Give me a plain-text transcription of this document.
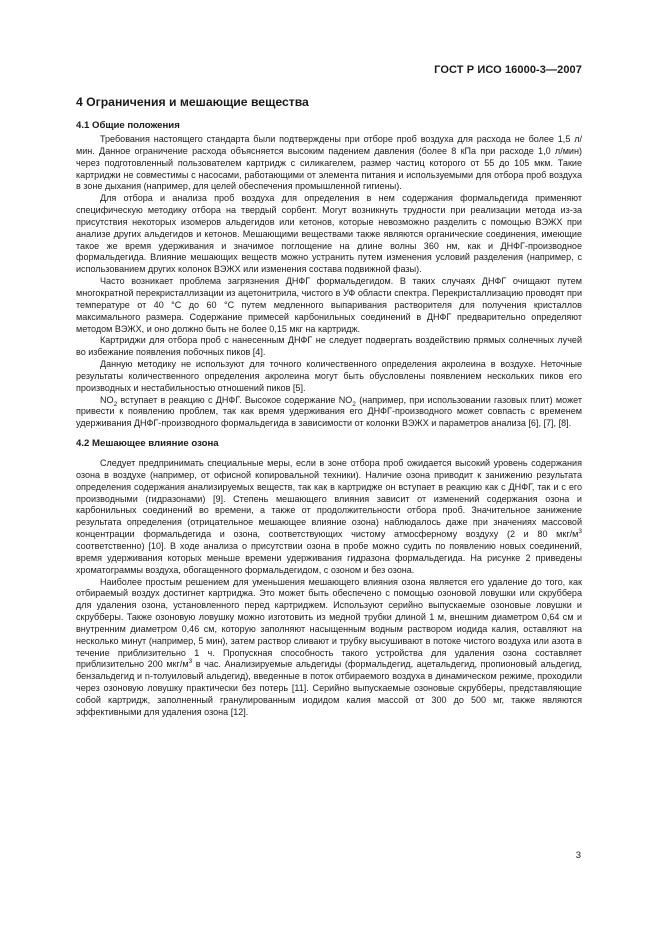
ГОСТ Р ИСО 16000-3—2007
4 Ограничения и мешающие вещества
4.1 Общие положения

Требования настоящего стандарта были подтверждены при отборе проб воздуха для расхода не более 1,5 л/мин. Данное ограничение расхода объясняется высоким падением давления (более 8 кПа при расходе 1,0 л/мин) через подготовленный пользователем картридж с силикагелем, размер частиц которого от 55 до 105 мкм. Такие картриджи не совместимы с насосами, работающими от элемента питания и используемыми для отбора проб воздуха в зоне дыхания (например, для целей обеспечения промышленной гигиены).

Для отбора и анализа проб воздуха для определения в нем содержания формальдегида применяют специфическую методику отбора на твердый сорбент. Могут возникнуть трудности при реализации метода из-за присутствия некоторых изомеров альдегидов или кетонов, которые невозможно разделить с помощью ВЭЖХ при анализе других альдегидов и кетонов. Мешающими веществами также являются органические соединения, имеющие такое же время удерживания и значимое поглощение на длине волны 360 нм, как и ДНФГ-производное формальдегида. Влияние мешающих веществ можно устранить путем изменения условий разделения (например, с использованием других колонок ВЭЖХ или изменения состава подвижной фазы).

Часто возникает проблема загрязнения ДНФГ формальдегидом. В таких случаях ДНФГ очищают путем многократной перекристаллизации из ацетонитрила, чистого в УФ области спектра. Перекристаллизацию проводят при температуре от 40 °С до 60 °С путем медленного выпаривания растворителя для получения кристаллов максимального размера. Содержание примесей карбонильных соединений в ДНФГ предварительно определяют методом ВЭЖХ, и оно должно быть не более 0,15 мкг на картридж.

Картриджи для отбора проб с нанесенным ДНФГ не следует подвергать воздействию прямых солнечных лучей во избежание появления побочных пиков [4].

Данную методику не используют для точного количественного определения акролеина в воздухе. Неточные результаты количественного определения акролеина могут быть обусловлены появлением нескольких пиков его производных и нестабильностью отношений пиков [5].

$NO_2$ вступает в реакцию с ДНФГ. Высокое содержание $NO_2$ (например, при использовании газовых плит) может привести к появлению проблем, так как время удерживания его ДНФГ-производного может совпасть с временем удерживания ДНФГ-производного формальдегида в зависимости от колонки ВЭЖХ и параметров анализа [6], [7], [8].

4.2 Мешающее влияние озона

Следует предпринимать специальные меры, если в зоне отбора проб ожидается высокий уровень содержания озона в воздухе (например, от офисной копировальной техники). Наличие озона приводит к занижению результата определения содержания анализируемых веществ, так как в картридже он вступает в реакцию как с ДНФГ, так и с его производными (гидразонами) [9]. Степень мешающего влияния зависит от изменений содержания озона и карбонильных соединений во времени, а также от продолжительности отбора проб. Значительное занижение результата определения (отрицательное мешающее влияние озона) наблюдалось даже при значениях массовой концентрации формальдегида и озона, соответствующих чистому атмосферному воздуху (2 и 80 мкг/$м^3$ соответственно) [10]. В ходе анализа о присутствии озона в пробе можно судить по появлению новых соединений, время удерживания которых меньше времени удерживания гидразона формальдегида. На рисунке 2 приведены хроматограммы воздуха, обогащенного формальдегидом, с озоном и без озона.

Наиболее простым решением для уменьшения мешающего влияния озона является его удаление до того, как отбираемый воздух достигнет картриджа. Это может быть обеспечено с помощью озоновой ловушки или скруббера для удаления озона, установленного перед картриджем. Используют серийно выпускаемые озоновые ловушки и скрубберы. Также озоновую ловушку можно изготовить из медной трубки длиной 1 м, внешним диаметром 0,64 см и внутренним диаметром 0,46 см, которую заполняют насыщенным водным раствором иодида калия, оставляют на несколько минут (например, 5 мин), затем раствор сливают и трубку высушивают в потоке чистого воздуха или азота в течение приблизительно 1 ч. Пропускная способность такого устройства для удаления озона составляет приблизительно 200 мкг/$м^3$ в час. Анализируемые альдегиды (формальдегид, ацетальдегид, пропионовый альдегид, бензальдегид и n-толуиловый альдегид), введенные в поток отбираемого воздуха в динамическом режиме, проходили через озоновую ловушку практически без потерь [11]. Серийно выпускаемые озоновые скрубберы, представляющие собой картридж, заполненный гранулированным иодидом калия массой от 300 до 500 мг, также являются эффективными для удаления озона [12].

3
